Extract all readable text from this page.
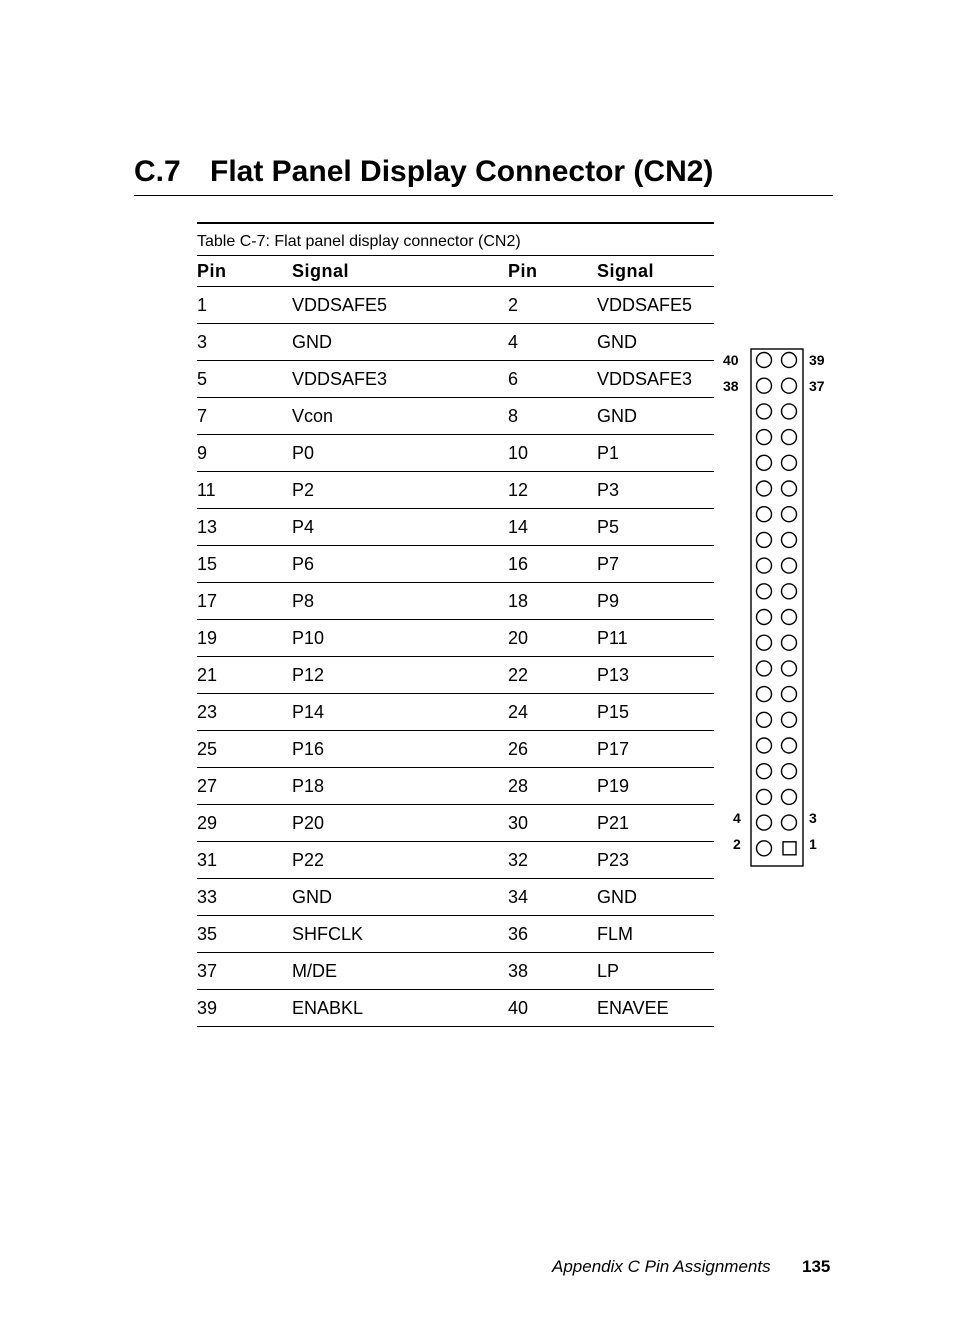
C.7 Flat Panel Display Connector (CN2)
Table C-7: Flat panel display connector (CN2)
Pin	Signal	Pin	Signal
1	VDDSAFE5	2	VDDSAFE5
3	GND	4	GND
5	VDDSAFE3	6	VDDSAFE3
7	Vcon	8	GND
9	P0	10	P1
11	P2	12	P3
13	P4	14	P5
15	P6	16	P7
17	P8	18	P9
19	P10	20	P11
21	P12	22	P13
23	P14	24	P15
25	P16	26	P17
27	P18	28	P19
29	P20	30	P21
31	P22	32	P23
33	GND	34	GND
35	SHFCLK	36	FLM
37	M/DE	38	LP
39	ENABKL	40	ENAVEE
40	39
38	37
4	3
2	1
Appendix C Pin Assignments 135
